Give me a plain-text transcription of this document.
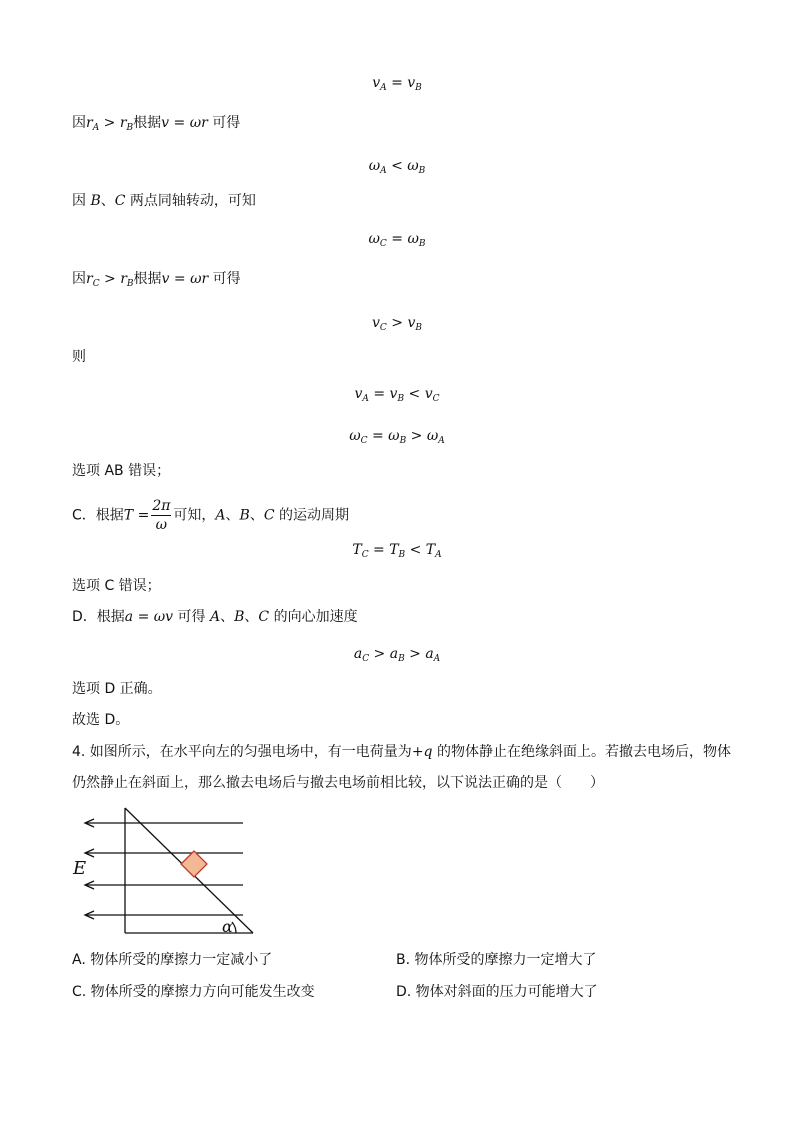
$v_A = v_B$
因$r_A > r_B$根据v = ωr 可得
$\omega_A < \omega_B$
因 B、C 两点同轴转动，可知
$\omega_C = \omega_B$
因$r_C > r_B$根据v = ωr 可得
$v_C > v_B$
则
$v_A = v_B < v_C$
$\omega_C = \omega_B > \omega_A$
选项 AB 错误；
C．根据$T = \frac{2\pi}{\omega}$ 可知，A、B、C 的运动周期
$T_C = T_B < T_A$
选项 C 错误；
D．根据a = ωv 可得 A、B、C 的向心加速度
$a_C > a_B > a_A$
选项 D 正确。
故选 D。
4. 如图所示，在水平向左的匀强电场中，有一电荷量为+q 的物体静止在绝缘斜面上。若撤去电场后，物体
仍然静止在斜面上，那么撤去电场后与撤去电场前相比较，以下说法正确的是（　　）
E
α
A. 物体所受的摩擦力一定减小了	B. 物体所受的摩擦力一定增大了
C. 物体所受的摩擦力方向可能发生改变	D. 物体对斜面的压力可能增大了
